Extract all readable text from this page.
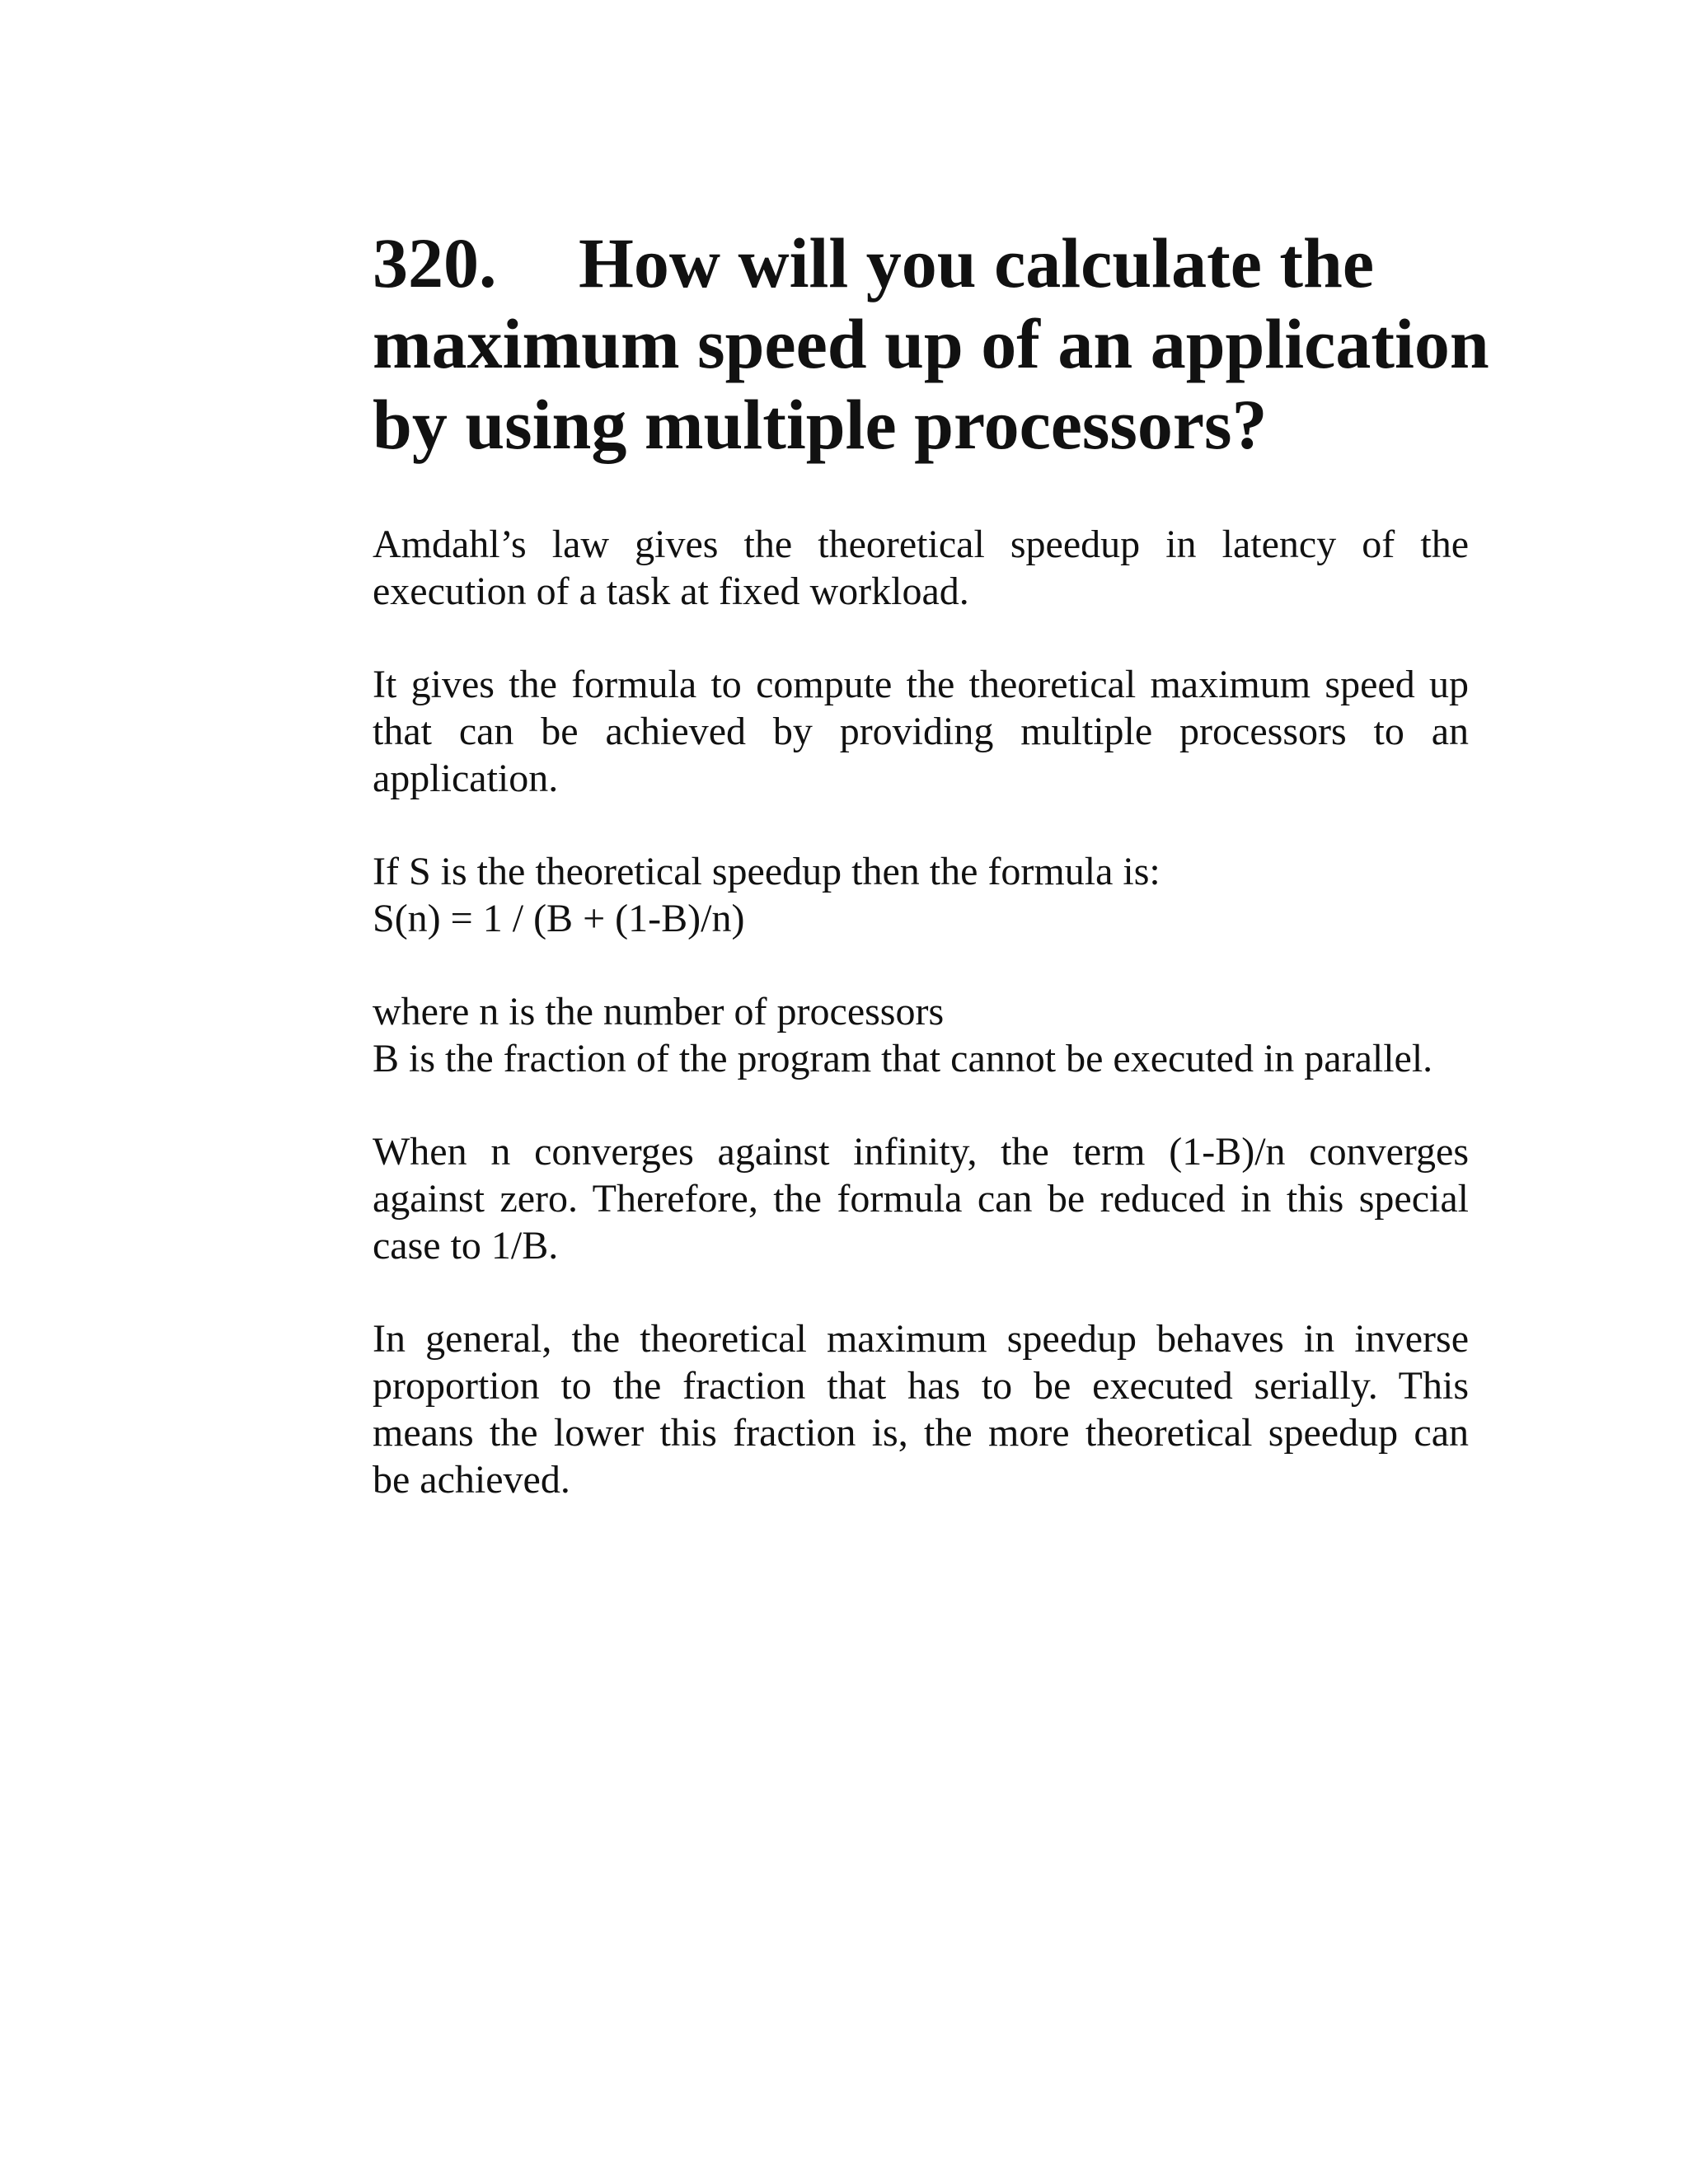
320. How will you calculate the
maximum speed up of an application
by using multiple processors?

Amdahl’s law gives the theoretical speedup in latency of the
execution of a task at fixed workload.

It gives the formula to compute the theoretical maximum speed up
that can be achieved by providing multiple processors to an
application.

If S is the theoretical speedup then the formula is:
S(n) = 1 / (B + (1-B)/n)

where n is the number of processors
B is the fraction of the program that cannot be executed in parallel.

When n converges against infinity, the term (1-B)/n converges
against zero. Therefore, the formula can be reduced in this special
case to 1/B.

In general, the theoretical maximum speedup behaves in inverse
proportion to the fraction that has to be executed serially. This
means the lower this fraction is, the more theoretical speedup can
be achieved.
